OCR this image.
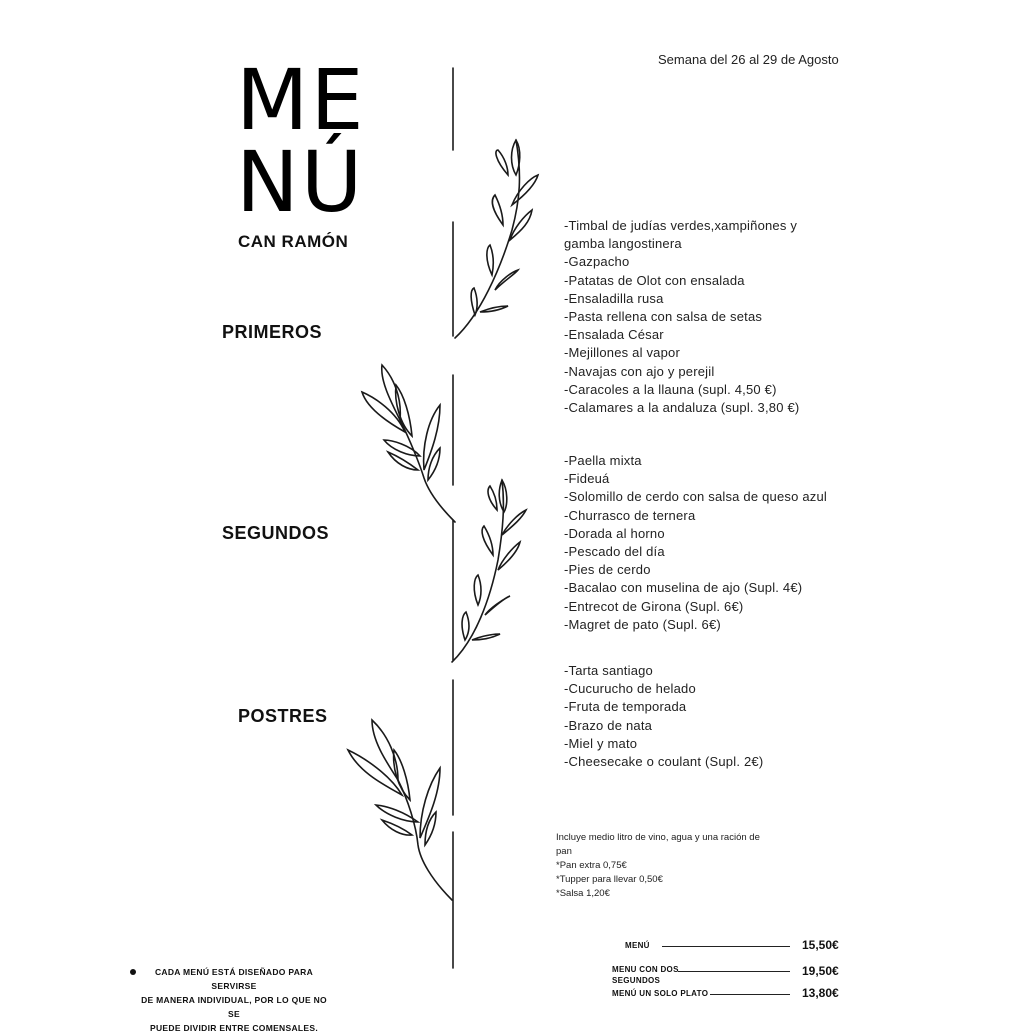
ME
NÚ
CAN RAMÓN
Semana del 26 al 29 de Agosto
PRIMEROS
SEGUNDOS
POSTRES
-Timbal de judías verdes,xampiñones y
gamba langostinera
-Gazpacho
-Patatas de Olot con ensalada
-Ensaladilla rusa
-Pasta rellena con salsa de setas
-Ensalada César
-Mejillones al vapor
-Navajas con ajo y perejil
-Caracoles a la llauna (supl. 4,50 €)
-Calamares a la andaluza (supl. 3,80 €)
-Paella mixta
-Fideuá
-Solomillo de cerdo con salsa de queso azul
-Churrasco de ternera
-Dorada al horno
-Pescado del día
-Pies de cerdo
-Bacalao con muselina de ajo (Supl. 4€)
-Entrecot de Girona (Supl. 6€)
-Magret de pato (Supl. 6€)
-Tarta santiago
-Cucurucho de helado
-Fruta de temporada
-Brazo de nata
-Miel y mato
-Cheesecake o coulant (Supl. 2€)
Incluye medio litro de vino, agua y una ración de
pan
*Pan extra 0,75€
*Tupper para llevar 0,50€
*Salsa 1,20€
MENÚ	15,50€
MENU CON DOS
SEGUNDOS
19,50€
MENÚ UN SOLO PLATO	13,80€
CADA MENÚ ESTÁ DISEÑADO PARA SERVIRSE
DE MANERA INDIVIDUAL, POR LO QUE NO SE
PUEDE DIVIDIR ENTRE COMENSALES.
